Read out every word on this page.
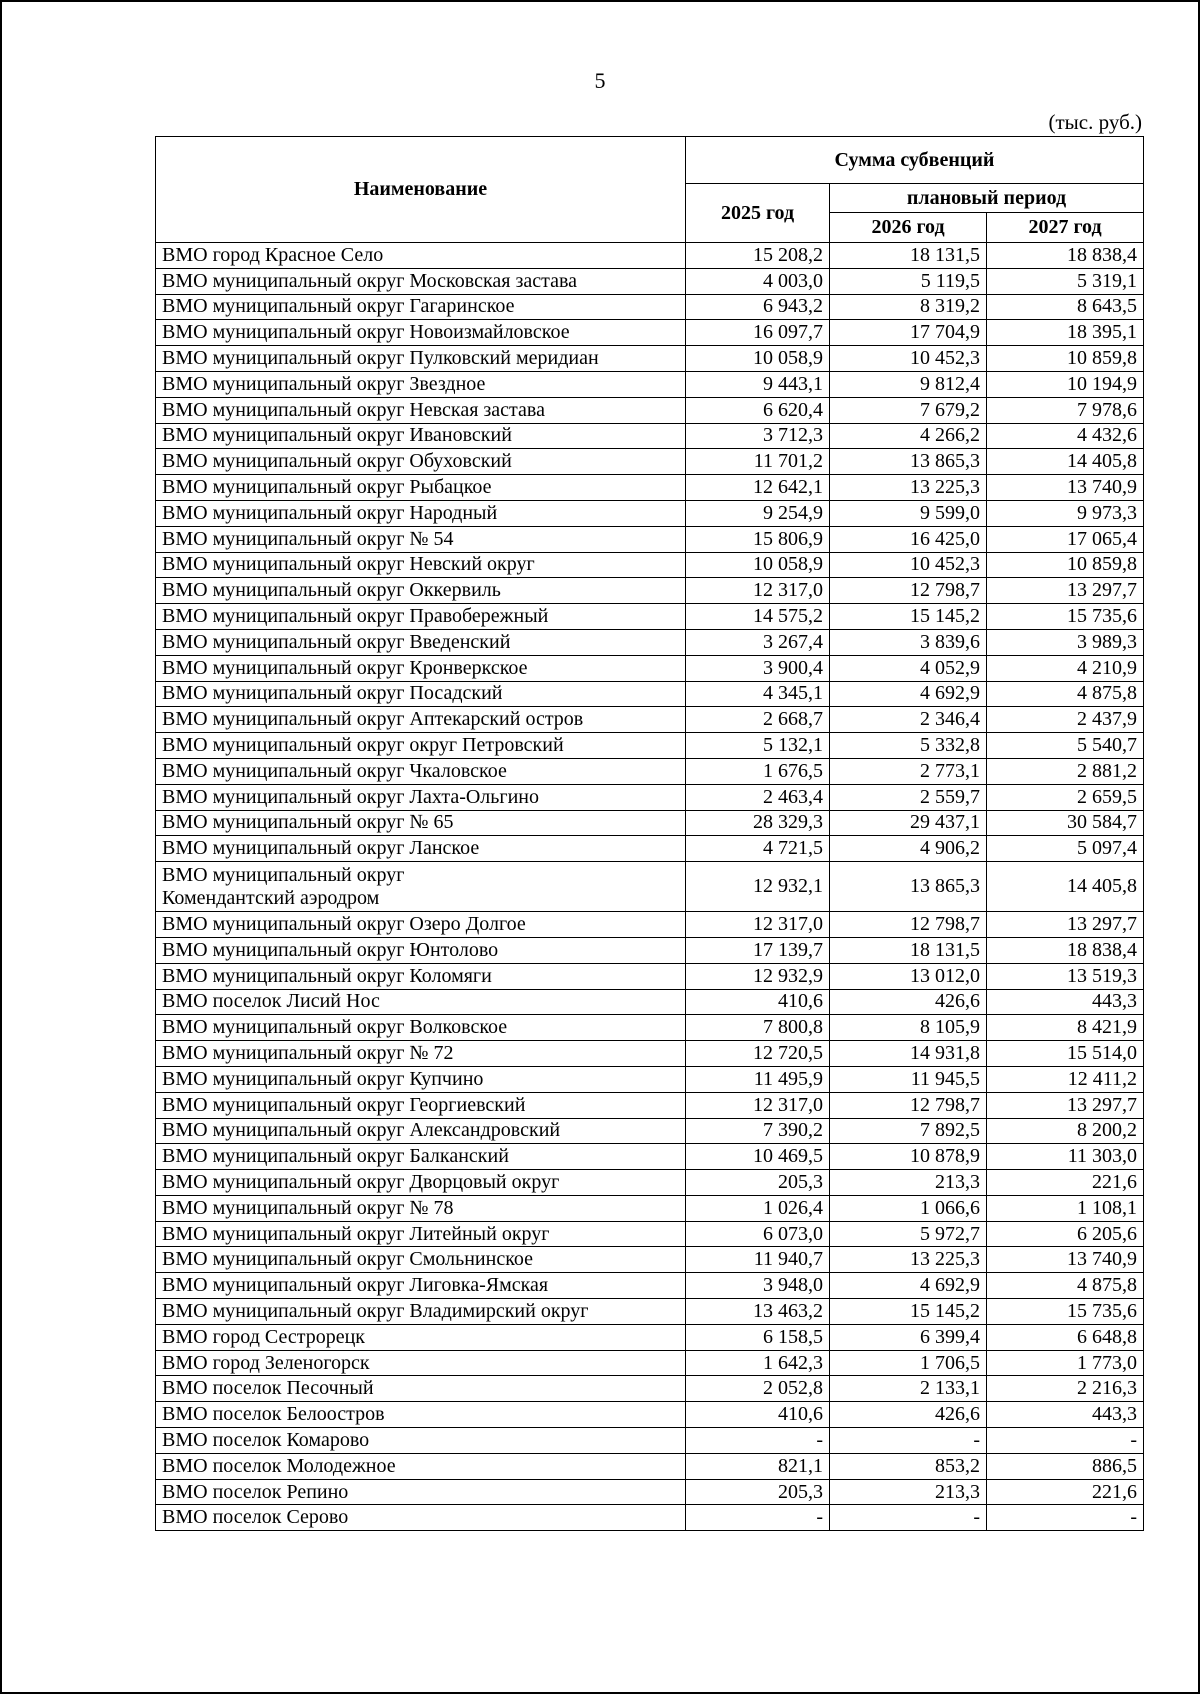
5
(тыс. руб.)
Наименование	Сумма субвенций		
	2025 год	плановый период	
		2026 год	2027 год
ВМО город Красное Село	15 208,2	18 131,5	18 838,4
ВМО муниципальный округ Московская застава	4 003,0	5 119,5	5 319,1
ВМО муниципальный округ Гагаринское	6 943,2	8 319,2	8 643,5
ВМО муниципальный округ Новоизмайловское	16 097,7	17 704,9	18 395,1
ВМО муниципальный округ Пулковский меридиан	10 058,9	10 452,3	10 859,8
ВМО муниципальный округ Звездное	9 443,1	9 812,4	10 194,9
ВМО муниципальный округ Невская застава	6 620,4	7 679,2	7 978,6
ВМО муниципальный округ Ивановский	3 712,3	4 266,2	4 432,6
ВМО муниципальный округ Обуховский	11 701,2	13 865,3	14 405,8
ВМО муниципальный округ Рыбацкое	12 642,1	13 225,3	13 740,9
ВМО муниципальный округ Народный	9 254,9	9 599,0	9 973,3
ВМО муниципальный округ № 54	15 806,9	16 425,0	17 065,4
ВМО муниципальный округ Невский округ	10 058,9	10 452,3	10 859,8
ВМО муниципальный округ Оккервиль	12 317,0	12 798,7	13 297,7
ВМО муниципальный округ Правобережный	14 575,2	15 145,2	15 735,6
ВМО муниципальный округ Введенский	3 267,4	3 839,6	3 989,3
ВМО муниципальный округ Кронверкское	3 900,4	4 052,9	4 210,9
ВМО муниципальный округ Посадский	4 345,1	4 692,9	4 875,8
ВМО муниципальный округ Аптекарский остров	2 668,7	2 346,4	2 437,9
ВМО муниципальный округ округ Петровский	5 132,1	5 332,8	5 540,7
ВМО муниципальный округ Чкаловское	1 676,5	2 773,1	2 881,2
ВМО муниципальный округ Лахта-Ольгино	2 463,4	2 559,7	2 659,5
ВМО муниципальный округ № 65	28 329,3	29 437,1	30 584,7
ВМО муниципальный округ Ланское	4 721,5	4 906,2	5 097,4

ВМО муниципальный округ
Комендантский аэродром	12 932,1	13 865,3	14 405,8
ВМО муниципальный округ Озеро Долгое	12 317,0	12 798,7	13 297,7
ВМО муниципальный округ Юнтолово	17 139,7	18 131,5	18 838,4
ВМО муниципальный округ Коломяги	12 932,9	13 012,0	13 519,3
ВМО поселок Лисий Нос	410,6	426,6	443,3
ВМО муниципальный округ Волковское	7 800,8	8 105,9	8 421,9
ВМО муниципальный округ № 72	12 720,5	14 931,8	15 514,0
ВМО муниципальный округ Купчино	11 495,9	11 945,5	12 411,2
ВМО муниципальный округ Георгиевский	12 317,0	12 798,7	13 297,7
ВМО муниципальный округ Александровский	7 390,2	7 892,5	8 200,2
ВМО муниципальный округ Балканский	10 469,5	10 878,9	11 303,0
ВМО муниципальный округ Дворцовый округ	205,3	213,3	221,6
ВМО муниципальный округ № 78	1 026,4	1 066,6	1 108,1
ВМО муниципальный округ Литейный округ	6 073,0	5 972,7	6 205,6
ВМО муниципальный округ Смольнинское	11 940,7	13 225,3	13 740,9
ВМО муниципальный округ Лиговка-Ямская	3 948,0	4 692,9	4 875,8
ВМО муниципальный округ Владимирский округ	13 463,2	15 145,2	15 735,6
ВМО город Сестрорецк	6 158,5	6 399,4	6 648,8
ВМО город Зеленогорск	1 642,3	1 706,5	1 773,0
ВМО поселок Песочный	2 052,8	2 133,1	2 216,3
ВМО поселок Белоостров	410,6	426,6	443,3
ВМО поселок Комарово	-	-	-
ВМО поселок Молодежное	821,1	853,2	886,5
ВМО поселок Репино	205,3	213,3	221,6
ВМО поселок Серово	-	-	-
